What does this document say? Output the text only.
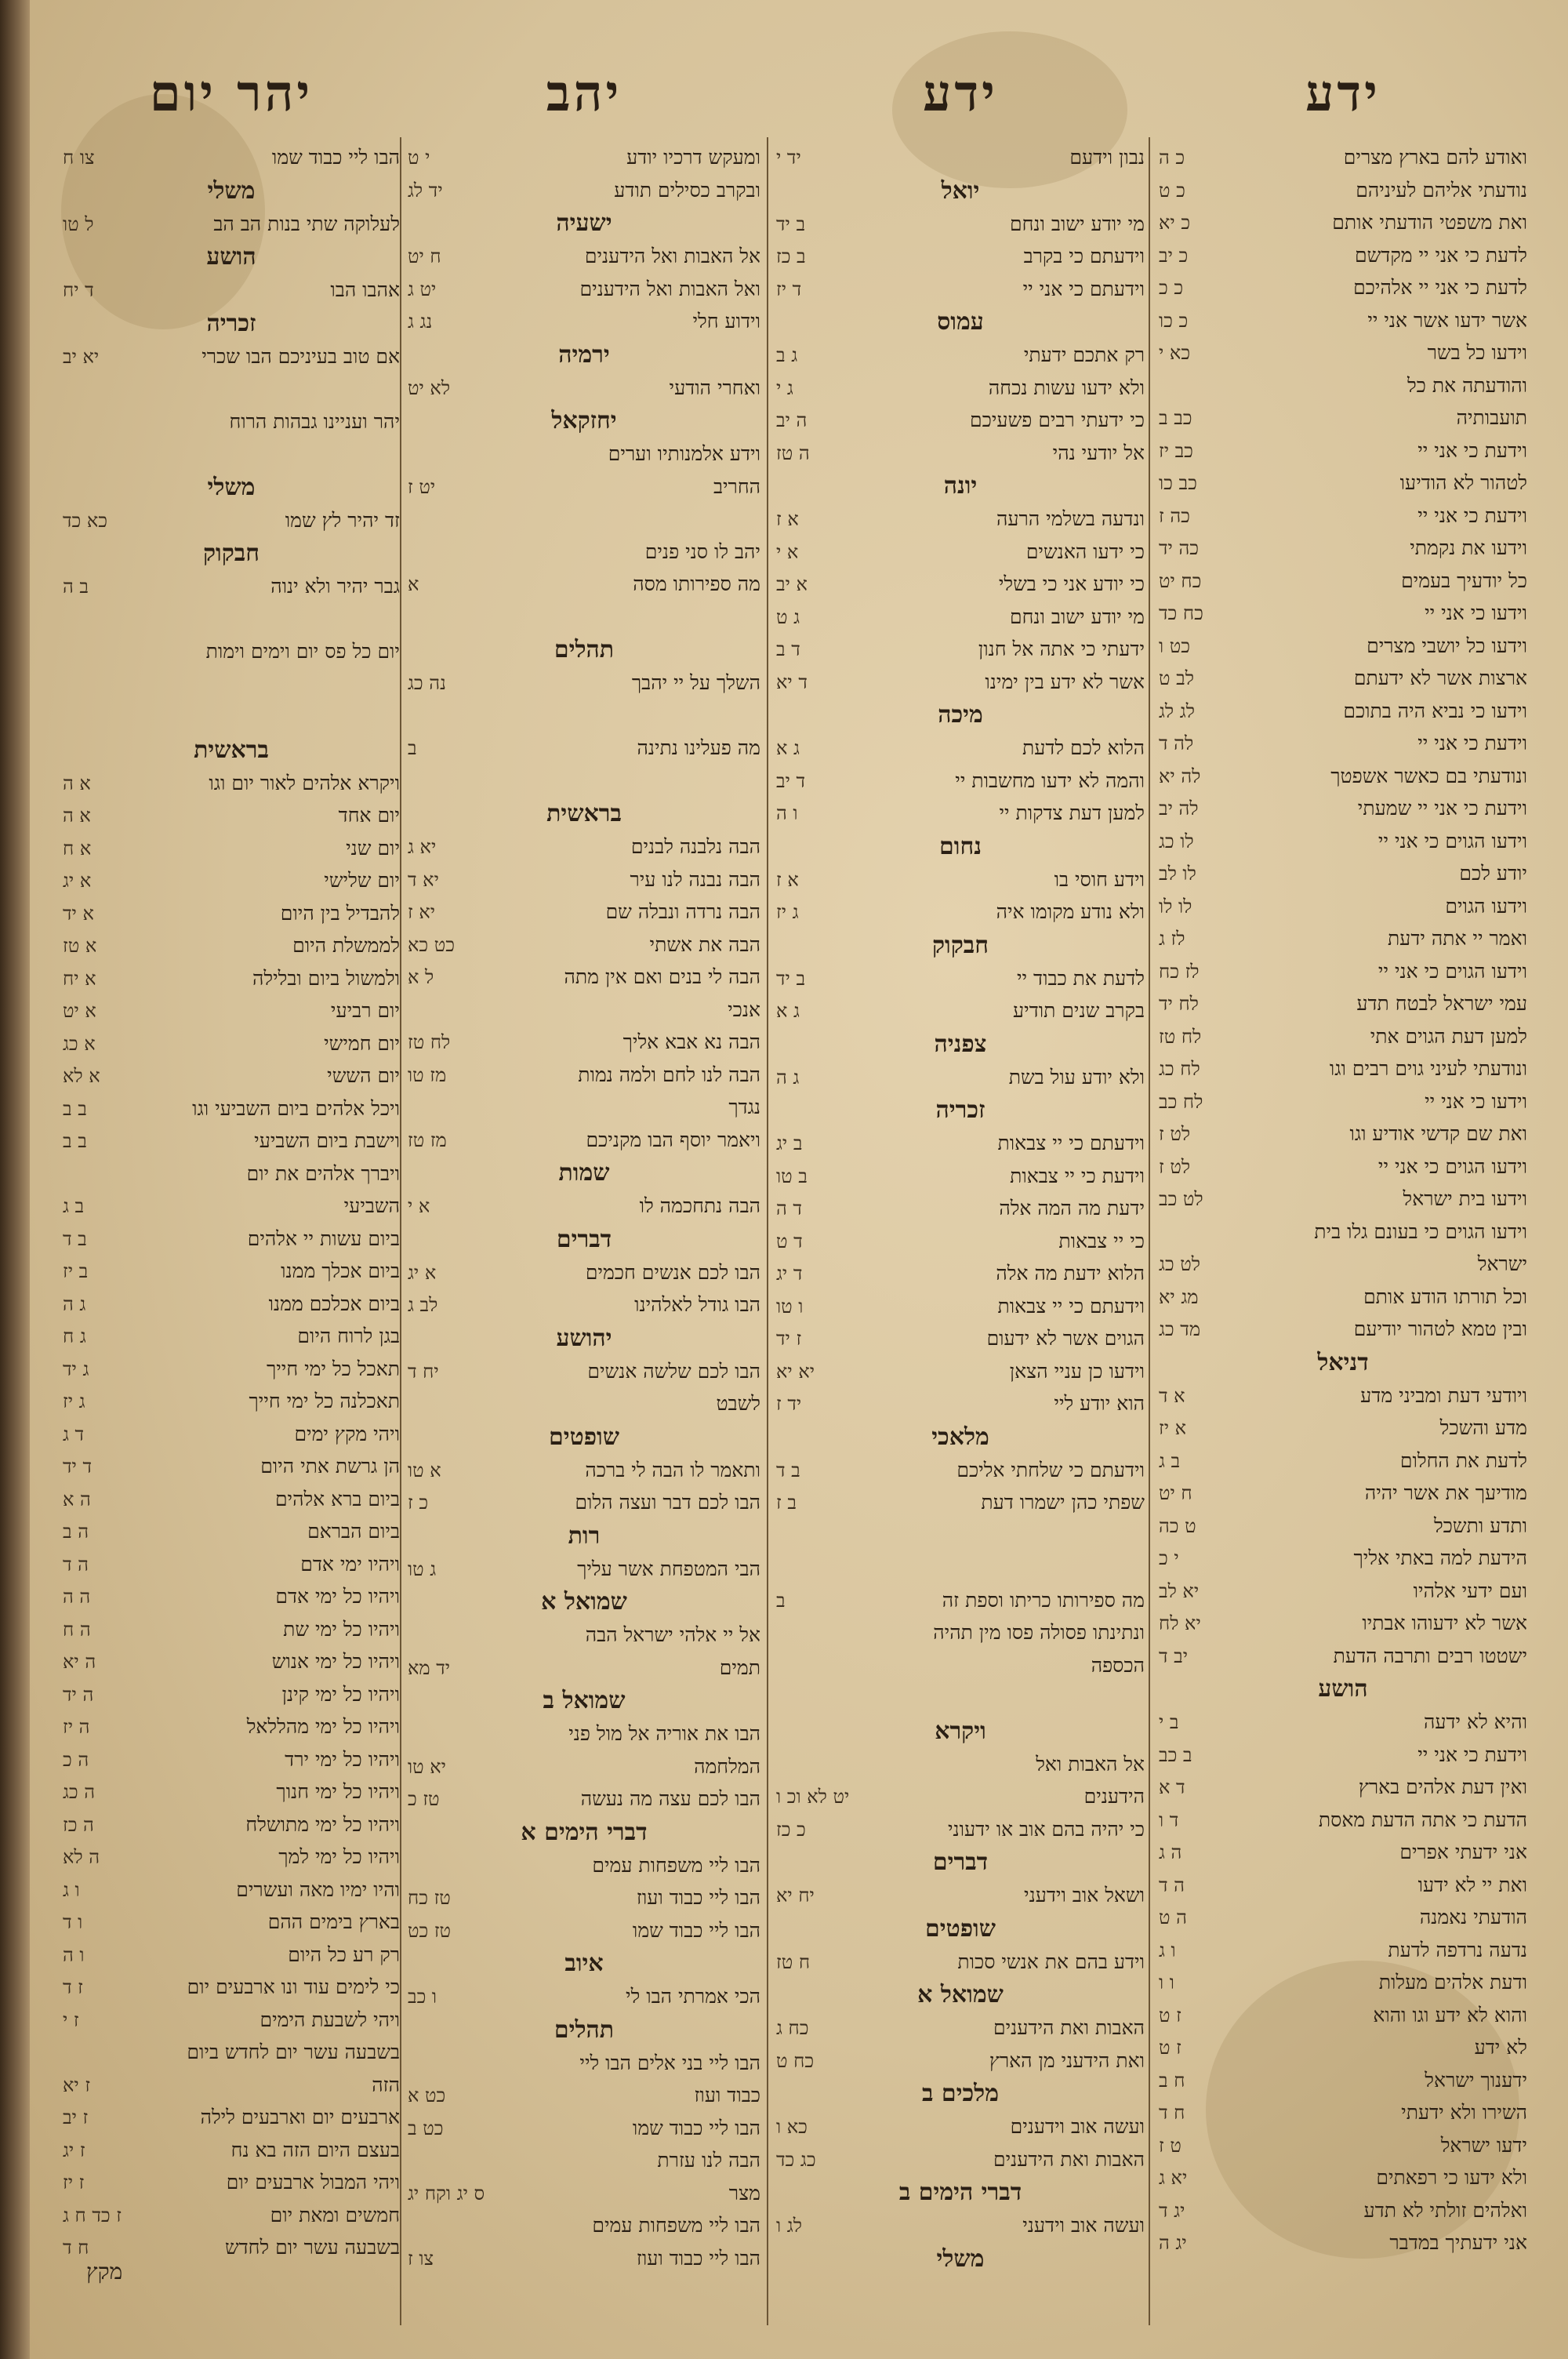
ידע
ואודע להם בארץ מצרים
כ ה
נודעתי אליהם לעיניהם
כ ט
ואת משפטי הודעתי אותם
כ יא
לדעת כי אני יי מקדשם
כ יב
לדעת כי אני יי אלהיכם
כ כ
אשר ידעו אשר אני יי
כ כו
וידעו כל בשר
כא י
והודעתה את כל
תועבותיה
כב ב
וידעת כי אני יי
כב יז
לטהור לא הודיעו
כב כו
וידעת כי אני יי
כה ז
וידעו את נקמתי
כה יד
כל יודעיך בעמים
כח יט
וידעו כי אני יי
כח כד
וידעו כל יושבי מצרים
כט ו
ארצות אשר לא ידעתם
לב ט
וידעו כי נביא היה בתוכם
לג לג
וידעת כי אני יי
לה ד
ונודעתי בם כאשר אשפטך
לה יא
וידעת כי אני יי שמעתי
לה יב
וידעו הגוים כי אני יי
לו כג
יודע לכם
לו לב
וידעו הגוים
לו לו
ואמר יי אתה ידעת
לז ג
וידעו הגוים כי אני יי
לז כח
עמי ישראל לבטח תדע
לח יד
למען דעת הגוים אתי
לח טז
ונודעתי לעיני גוים רבים וגו
לח כג
וידעו כי אני יי
לח כב
ואת שם קדשי אודיע וגו
לט ז
וידעו הגוים כי אני יי
לט ז
וידעו בית ישראל
לט כב
וידעו הגוים כי בעונם גלו בית
ישראל
לט כג
וכל תורתו הודע אותם
מג יא
ובין טמא לטהור יודיעם
מד כג
דניאל
ויודעי דעת ומביני מדע
א ד
מדע והשכל
א יז
לדעת את החלום
ב ג
מודיעך את אשר יהיה
ח יט
ותדע ותשכל
ט כה
הידעת למה באתי אליך
י כ
ועם ידעי אלהיו
יא לב
אשר לא ידעוהו אבתיו
יא לח
ישטטו רבים ותרבה הדעת
יב ד
הושע
והיא לא ידעה
ב י
וידעת כי אני יי
ב כב
ואין דעת אלהים בארץ
ד א
הדעת כי אתה הדעת מאסת
ד ו
אני ידעתי אפרים
ה ג
ואת יי לא ידעו
ה ד
הודעתי נאמנה
ה ט
נדעה נרדפה לדעת
ו ג
ודעת אלהים מעלות
ו ו
והוא לא ידע וגו והוא
ז ט
לא ידע
ז ט
ידענוך ישראל
ח ב
השירו ולא ידעתי
ח ד
ידעו ישראל
ט ז
ולא ידעו כי רפאתים
יא ג
ואלהים זולתי לא תדע
יג ד
אני ידעתיך במדבר
יג ה
ידע
נבון וידעם
יד י
יואל
מי יודע ישוב ונחם
ב יד
וידעתם כי בקרב
ב כז
וידעתם כי אני יי
ד יז
עמוס
רק אתכם ידעתי
ג ב
ולא ידעו עשות נכחה
ג י
כי ידעתי רבים פשעיכם
ה יב
אל יודעי נהי
ה טז
יונה
ונדעה בשלמי הרעה
א ז
כי ידעו האנשים
א י
כי יודע אני כי בשלי
א יב
מי יודע ישוב ונחם
ג ט
ידעתי כי אתה אל חנון
ד ב
אשר לא ידע בין ימינו
ד יא
מיכה
הלוא לכם לדעת
ג א
והמה לא ידעו מחשבות יי
ד יב
למען דעת צדקות יי
ו ה
נחום
וידע חוסי בו
א ז
ולא נודע מקומו איה
ג יז
חבקוק
לדעת את כבוד יי
ב יד
בקרב שנים תודיע
ג א
צפניה
ולא יודע עול בשת
ג ה
זכריה
וידעתם כי יי צבאות
ב יג
וידעת כי יי צבאות
ב טו
ידעת מה המה אלה
ד ה
כי יי צבאות
ד ט
הלוא ידעת מה אלה
ד יג
וידעתם כי יי צבאות
ו טו
הגוים אשר לא ידעום
ז יד
וידעו כן עניי הצאן
יא יא
הוא יודע ליי
יד ז
מלאכי
וידעתם כי שלחתי אליכם
ב ד
שפתי כהן ישמרו דעת
ב ז
מה ספירותו כריתו וספת זה
ב
ונתינתו פסולה פסו מין תהיה
הכספה
ויקרא
אל האבות ואל
הידענים
יט לא וכ ו
כי יהיה בהם אוב או ידעוני
כ כז
דברים
ושאל אוב וידעני
יח יא
שופטים
וידע בהם את אנשי סכות
ח טז
שמואל א
האבות ואת הידענים
כח ג
ואת הידעני מן הארץ
כח ט
מלכים ב
ועשה אוב וידענים
כא ו
האבות ואת הידענים
כג כד
דברי הימים ב
ועשה אוב וידעני
לג ו
משלי
יהב
ומעקש דרכיו יודע
י ט
ובקרב כסילים תודע
יד לג
ישעיה
אל האבות ואל הידענים
ח יט
ואל האבות ואל הידענים
יט ג
וידוע חלי
נג ג
ירמיה
ואחרי הודעי
לא יט
יחזקאל
וידע אלמנותיו וערים
החריב
יט ז
יהב לו סני פנים
מה ספירותו מסה
א
תהלים
השלך על יי יהבך
נה כג
מה פעלינו נתינה
ב
בראשית
הבה נלבנה לבנים
יא ג
הבה נבנה לנו עיר
יא ד
הבה נרדה ונבלה שם
יא ז
הבה את אשתי
כט כא
הבה לי בנים ואם אין מתה
ל א
אנכי
הבה נא אבא אליך
לח טז
הבה לנו לחם ולמה נמות
מז טו
נגדך
ויאמר יוסף הבו מקניכם
מז טז
שמות
הבה נתחכמה לו
א י
דברים
הבו לכם אנשים חכמים
א יג
הבו גודל לאלהינו
לב ג
יהושע
הבו לכם שלשה אנשים
יח ד
לשבט
שופטים
ותאמר לו הבה לי ברכה
א טו
הבו לכם דבר ועצה הלום
כ ז
רות
הבי המטפחת אשר עליך
ג טו
שמואל א
אל יי אלהי ישראל הבה
תמים
יד מא
שמואל ב
הבו את אוריה אל מול פני
המלחמה
יא טו
הבו לכם עצה מה נעשה
טז כ
דברי הימים א
הבו ליי משפחות עמים
הבו ליי כבוד ועוז
טז כח
הבו ליי כבוד שמו
טז כט
איוב
הכי אמרתי הבו לי
ו כב
תהלים
הבו ליי בני אלים הבו ליי
כבוד ועוז
כט א
הבו ליי כבוד שמו
כט ב
הבה לנו עזרת
מצר
ס יג וקח יג
הבו ליי משפחות עמים
הבו ליי כבוד ועוז
צו ז
יהר יום
הבו ליי כבוד שמו
צו ח
משלי
לעלוקה שתי בנות הב הב
ל טו
הושע
אהבו הבו
ד יח
זכריה
אם טוב בעיניכם הבו שכרי
יא יב
יהר ועניינו גבהות הרוח
משלי
זד יהיר לץ שמו
כא כד
חבקוק
גבר יהיר ולא ינוה
ב ה
יום כל פס יום וימים וימות
בראשית
ויקרא אלהים לאור יום וגו
א ה
יום אחד
א ה
יום שני
א ח
יום שלישי
א יג
להבדיל בין היום
א יד
לממשלת היום
א טז
ולמשול ביום ובלילה
א יח
יום רביעי
א יט
יום חמישי
א כג
יום הששי
א לא
ויכל אלהים ביום השביעי וגו
ב ב
וישבת ביום השביעי
ב ב
ויברך אלהים את יום
השביעי
ב ג
ביום עשות יי אלהים
ב ד
ביום אכלך ממנו
ב יז
ביום אכלכם ממנו
ג ה
בגן לרוח היום
ג ח
תאכל כל ימי חייך
ג יד
תאכלנה כל ימי חייך
ג יז
ויהי מקץ ימים
ד ג
הן גרשת אתי היום
ד יד
ביום ברא אלהים
ה א
ביום הבראם
ה ב
ויהיו ימי אדם
ה ד
ויהיו כל ימי אדם
ה ה
ויהיו כל ימי שת
ה ח
ויהיו כל ימי אנוש
ה יא
ויהיו כל ימי קינן
ה יד
ויהיו כל ימי מהללאל
ה יז
ויהיו כל ימי ירד
ה כ
ויהיו כל ימי חנוך
ה כג
ויהיו כל ימי מתושלח
ה כז
ויהיו כל ימי למך
ה לא
והיו ימיו מאה ועשרים
ו ג
בארץ בימים ההם
ו ד
רק רע כל היום
ו ה
כי לימים עוד ונו ארבעים יום
ז ד
ויהי לשבעת הימים
ז י
בשבעה עשר יום לחדש ביום
הזה
ז יא
ארבעים יום וארבעים לילה
ז יב
בעצם היום הזה בא נח
ז יג
ויהי המבול ארבעים יום
ז יז
חמשים ומאת יום
ז כד ח ג
בשבעה עשר יום לחדש
ח ד
מקץ
